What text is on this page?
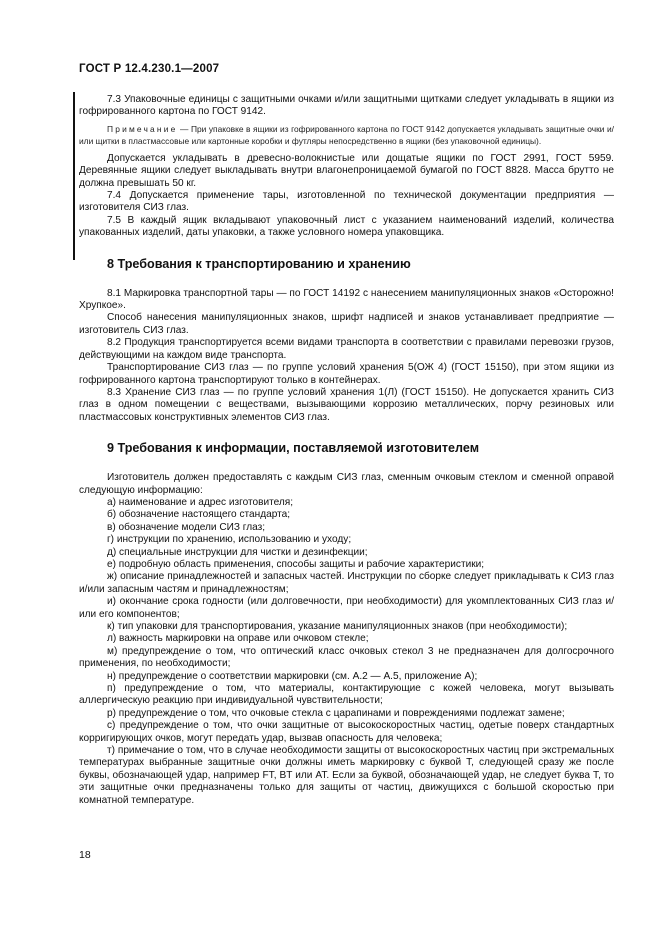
ГОСТ Р 12.4.230.1—2007

7.3 Упаковочные единицы с защитными очками и/или защитными щитками следует укладывать в ящики из гофрированного картона по ГОСТ 9142.

Примечание — При упаковке в ящики из гофрированного картона по ГОСТ 9142 допускается укладывать защитные очки и/или щитки в пластмассовые или картонные коробки и футляры непосредственно в ящики (без упаковочной единицы).

Допускается укладывать в древесно-волокнистые или дощатые ящики по ГОСТ 2991, ГОСТ 5959. Деревянные ящики следует выкладывать внутри влагонепроницаемой бумагой по ГОСТ 8828. Масса брутто не должна превышать 50 кг.

7.4 Допускается применение тары, изготовленной по технической документации предприятия — изготовителя СИЗ глаз.

7.5 В каждый ящик вкладывают упаковочный лист с указанием наименований изделий, количества упакованных изделий, даты упаковки, а также условного номера упаковщика.

8 Требования к транспортированию и хранению

8.1 Маркировка транспортной тары — по ГОСТ 14192 с нанесением манипуляционных знаков «Осторожно! Хрупкое».

Способ нанесения манипуляционных знаков, шрифт надписей и знаков устанавливает предприятие — изготовитель СИЗ глаз.

8.2 Продукция транспортируется всеми видами транспорта в соответствии с правилами перевозки грузов, действующими на каждом виде транспорта.

Транспортирование СИЗ глаз — по группе условий хранения 5(ОЖ 4) (ГОСТ 15150), при этом ящики из гофрированного картона транспортируют только в контейнерах.

8.3 Хранение СИЗ глаз — по группе условий хранения 1(Л) (ГОСТ 15150). Не допускается хранить СИЗ глаз в одном помещении с веществами, вызывающими коррозию металлических, порчу резиновых или пластмассовых конструктивных элементов СИЗ глаз.

9 Требования к информации, поставляемой изготовителем

Изготовитель должен предоставлять с каждым СИЗ глаз, сменным очковым стеклом и сменной оправой следующую информацию:

а) наименование и адрес изготовителя;

б) обозначение настоящего стандарта;

в) обозначение модели СИЗ глаз;

г) инструкции по хранению, использованию и уходу;

д) специальные инструкции для чистки и дезинфекции;

е) подробную область применения, способы защиты и рабочие характеристики;

ж) описание принадлежностей и запасных частей. Инструкции по сборке следует прикладывать к СИЗ глаз и/или запасным частям и принадлежностям;

и) окончание срока годности (или долговечности, при необходимости) для укомплектованных СИЗ глаз и/или его компонентов;

к) тип упаковки для транспортирования, указание манипуляционных знаков (при необходимости);

л) важность маркировки на оправе или очковом стекле;

м) предупреждение о том, что оптический класс очковых стекол 3 не предназначен для долгосрочного применения, по необходимости;

н) предупреждение о соответствии маркировки (см. А.2 — А.5, приложение А);

п) предупреждение о том, что материалы, контактирующие с кожей человека, могут вызывать аллергическую реакцию при индивидуальной чувствительности;

р) предупреждение о том, что очковые стекла с царапинами и повреждениями подлежат замене;

с) предупреждение о том, что очки защитные от высокоскоростных частиц, одетые поверх стандартных корригирующих очков, могут передать удар, вызвав опасность для человека;

т) примечание о том, что в случае необходимости защиты от высокоскоростных частиц при экстремальных температурах выбранные защитные очки должны иметь маркировку с буквой Т, следующей сразу же после буквы, обозначающей удар, например FT, BT или АТ. Если за буквой, обозначающей удар, не следует буква Т, то эти защитные очки предназначены только для защиты от частиц, движущихся с большой скоростью при комнатной температуре.

18
